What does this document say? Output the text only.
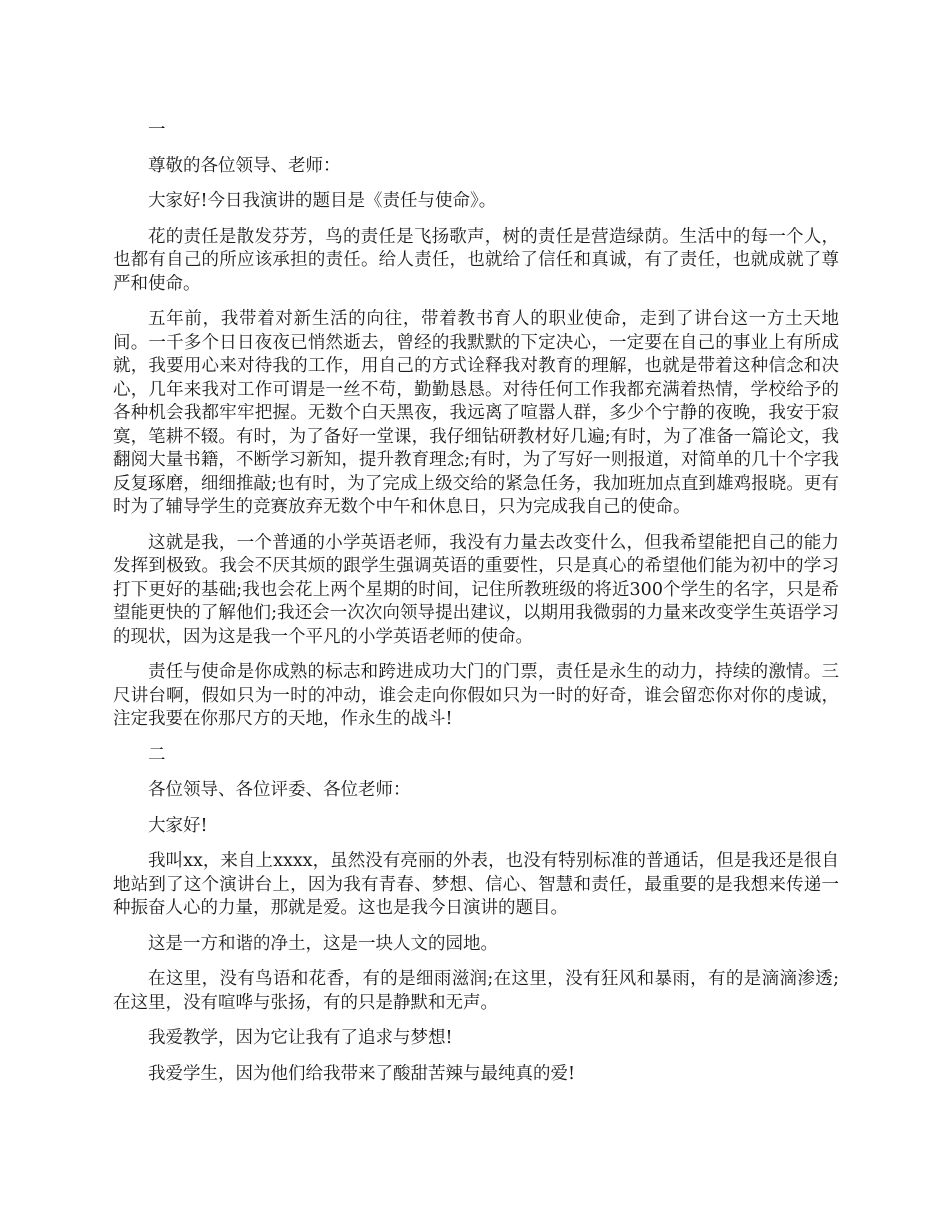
一

尊敬的各位领导、老师：

大家好!今日我演讲的题目是《责任与使命》。

花的责任是散发芬芳，鸟的责任是飞扬歌声，树的责任是营造绿荫。生活中的每一个人，也都有自己的所应该承担的责任。给人责任，也就给了信任和真诚，有了责任，也就成就了尊严和使命。

五年前，我带着对新生活的向往，带着教书育人的职业使命，走到了讲台这一方土天地间。一千多个日日夜夜已悄然逝去，曾经的我默默的下定决心，一定要在自己的事业上有所成就，我要用心来对待我的工作，用自己的方式诠释我对教育的理解，也就是带着这种信念和决心，几年来我对工作可谓是一丝不苟，勤勤恳恳。对待任何工作我都充满着热情，学校给予的各种机会我都牢牢把握。无数个白天黑夜，我远离了喧嚣人群，多少个宁静的夜晚，我安于寂寞，笔耕不辍。有时，为了备好一堂课，我仔细钻研教材好几遍;有时，为了准备一篇论文，我翻阅大量书籍，不断学习新知，提升教育理念;有时，为了写好一则报道，对简单的几十个字我反复琢磨，细细推敲;也有时，为了完成上级交给的紧急任务，我加班加点直到雄鸡报晓。更有时为了辅导学生的竞赛放弃无数个中午和休息日，只为完成我自己的使命。

这就是我，一个普通的小学英语老师，我没有力量去改变什么，但我希望能把自己的能力发挥到极致。我会不厌其烦的跟学生强调英语的重要性，只是真心的希望他们能为初中的学习打下更好的基础;我也会花上两个星期的时间，记住所教班级的将近300个学生的名字，只是希望能更快的了解他们;我还会一次次向领导提出建议，以期用我微弱的力量来改变学生英语学习的现状，因为这是我一个平凡的小学英语老师的使命。

责任与使命是你成熟的标志和跨进成功大门的门票，责任是永生的动力，持续的激情。三尺讲台啊，假如只为一时的冲动，谁会走向你假如只为一时的好奇，谁会留恋你对你的虔诚，注定我要在你那尺方的天地，作永生的战斗!

二

各位领导、各位评委、各位老师：

大家好!

我叫xx，来自上xxxx，虽然没有亮丽的外表，也没有特别标准的普通话，但是我还是很自地站到了这个演讲台上，因为我有青春、梦想、信心、智慧和责任，最重要的是我想来传递一种振奋人心的力量，那就是爱。这也是我今日演讲的题目。

这是一方和谐的净土，这是一块人文的园地。

在这里，没有鸟语和花香，有的是细雨滋润;在这里，没有狂风和暴雨，有的是滴滴渗透;在这里，没有喧哗与张扬，有的只是静默和无声。

我爱教学，因为它让我有了追求与梦想!

我爱学生，因为他们给我带来了酸甜苦辣与最纯真的爱!
